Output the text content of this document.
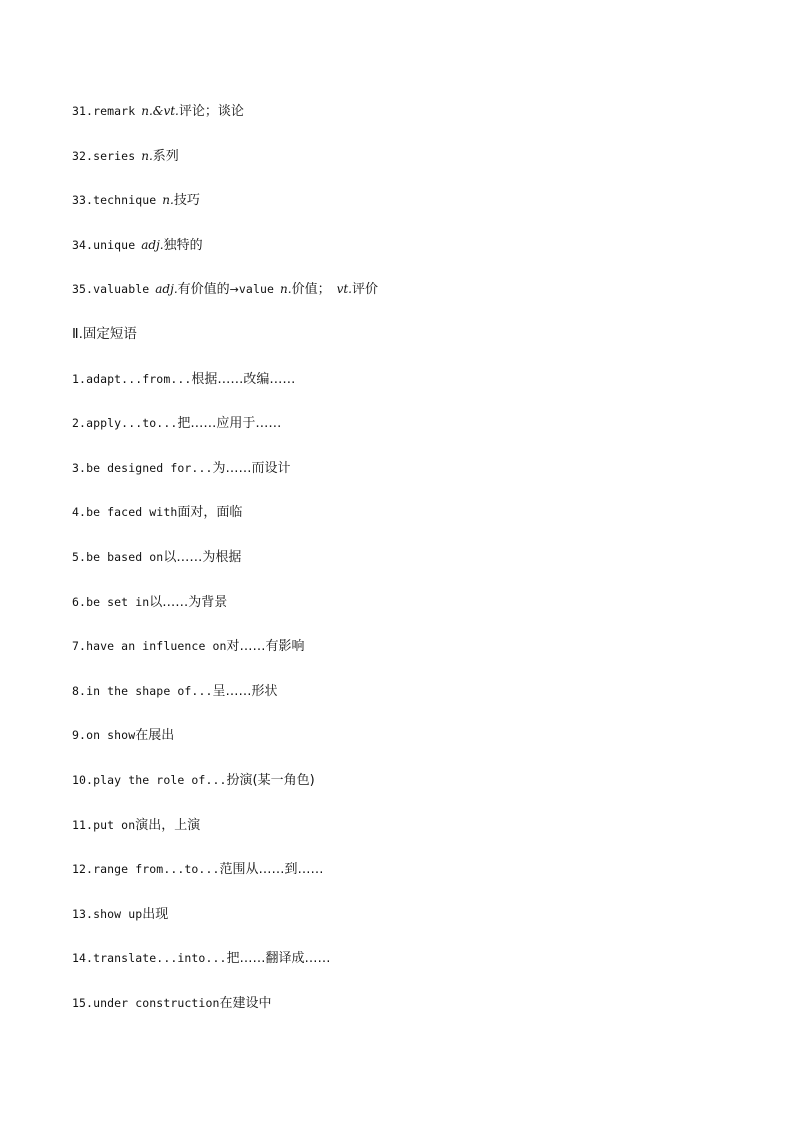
31.remark n.&vt.评论；谈论
32.series n.系列
33.technique n.技巧
34.unique adj.独特的
35.valuable adj.有价值的→value n.价值； vt.评价
Ⅱ.固定短语
1.adapt...from...根据……改编……
2.apply...to...把……应用于……
3.be designed for...为……而设计
4.be faced with面对，面临
5.be based on以……为根据
6.be set in以……为背景
7.have an influence on对……有影响
8.in the shape of...呈……形状
9.on show在展出
10.play the role of...扮演(某一角色)
11.put on演出，上演
12.range from...to...范围从……到……
13.show up出现
14.translate...into...把……翻译成……
15.under construction在建设中
